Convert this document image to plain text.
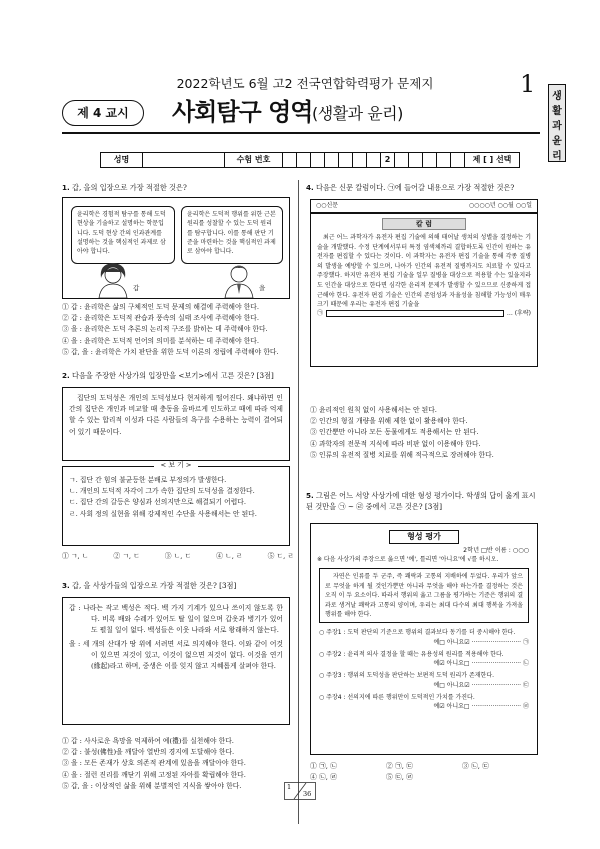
2022학년도 6월 고2 전국연합학력평가 문제지	1
제 4 교시	사회탐구 영역 (생활과 윤리)
생
활
과
윤
리
성명	수험 번호	2	제 [ ] 선택
1. 갑, 을의 입장으로 가장 적절한 것은?
윤리학은 경험적 탐구를 통해 도덕 현상을 기술하고 설명하는 학문입니다. 도덕 현상 간의 인과관계를 설명하는 것을 핵심적인 과제로 삼아야 합니다.
윤리학은 도덕적 행위를 위한 근본 원리를 성찰할 수 있는 도덕 원리를 탐구합니다. 이를 통해 판단 기준을 마련하는 것을 핵심적인 과제로 삼아야 합니다.
갑	을
① 갑 : 윤리학은 삶의 구체적인 도덕 문제의 해결에 주력해야 한다.
② 갑 : 윤리학은 도덕적 관습과 풍속의 실태 조사에 주력해야 한다.
③ 을 : 윤리학은 도덕 추론의 논리적 구조를 밝히는 데 주력해야 한다.
④ 을 : 윤리학은 도덕적 언어의 의미를 분석하는 데 주력해야 한다.
⑤ 갑, 을 : 윤리학은 가치 판단을 위한 도덕 이론의 정립에 주력해야 한다.
2. 다음을 주장한 사상가의 입장만을 <보기>에서 고른 것은? [3점]
집단의 도덕성은 개인의 도덕성보다 현저하게 떨어진다. 왜냐하면 인간의 집단은 개인과 비교할 때 충동을 올바르게 인도하고 때에 따라 억제할 수 있는 합리적 이성과 다른 사람들의 욕구를 수용하는 능력이 결여되어 있기 때문이다.
< 보 기 >
ㄱ. 집단 간 힘의 불균등한 분배로 부정의가 발생한다.
ㄴ. 개인의 도덕적 자각이 그가 속한 집단의 도덕성을 결정한다.
ㄷ. 집단 간의 갈등은 양심과 선의지만으로 해결되기 어렵다.
ㄹ. 사회 정의 실현을 위해 강제적인 수단을 사용해서는 안 된다.
① ㄱ, ㄴ	② ㄱ, ㄷ	③ ㄴ, ㄷ	④ ㄴ, ㄹ	⑤ ㄷ, ㄹ
3. 갑, 을 사상가들의 입장으로 가장 적절한 것은? [3점]
갑 : 나라는 작고 백성은 적다. 백 가지 기계가 있으나 쓰이지 않도록 한다. 비록 배와 수레가 있어도 탈 일이 없으며 갑옷과 병기가 있어도 펼칠 일이 없다. 백성들은 이웃 나라와 서로 왕래하지 않는다.
을 : 세 개의 산대가 땅 위에 서려면 서로 의지해야 한다. 이와 같이 어것이 있으면 저것이 있고, 이것이 없으면 저것이 없다. 이것을 연기(緣起)라고 하며, 중생은 이를 잊지 않고 지혜롭게 살펴야 한다.
① 갑 : 사사로운 욕망을 억제하여 예(禮)를 실천해야 한다.
② 갑 : 불성(佛性)을 깨달아 열반의 경지에 도달해야 한다.
③ 을 : 모든 존재가 상호 의존적 관계에 있음을 깨달아야 한다.
④ 을 : 절런 진리를 깨닫기 위해 고정된 자아를 확립해야 한다.
⑤ 갑, 을 : 이상적인 삶을 위해 분별적인 지식을 쌓아야 한다.
4. 다음은 신문 칼럼이다. ㉠에 들어갈 내용으로 가장 적절한 것은?
○○신문	○○○○년 ○○월 ○○일
칼 럼
최근 어느 과학자가 유전자 편집 기술에 의해 태어날 생쳐의 성별을 결정하는 기술을 개발했다. 수정 단계에서부터 특정 염색체까리 결합하도록 인간이 원하는 유전자를 편집할 수 있다는 것이다. 이 과학자는 유전자 편집 기술을 통해 각종 질병의 발생을 예방할 수 있으며, 나아가 인간의 유전적 질병까지도 치료할 수 있다고 주장했다. 하지만 유전자 편집 기술을 일부 질병을 대상으로 적용할 수는 있을지라도 인간을 대상으로 한다면 심각한 윤리적 문제가 발생할 수 있으므로 신중하게 접근해야 한다. 유전자 편집 기술은 인간의 존엄성과 자율성을 침해할 가능성이 매우 크기 때문에 우리는 유전자 편집 기술을
㉠	… (후략)
① 윤리적인 원칙 없이 사용해서는 안 된다.
② 인간의 형질 개량을 위해 제한 없이 활용해야 한다.
③ 인간뿐만 아니라 모든 동물에게도 적용해서는 안 된다.
④ 과학자의 전문적 지식에 따라 비판 없이 이용해야 한다.
⑤ 인류의 유전적 질병 치료를 위해 적극적으로 장려해야 한다.
5. 그림은 어느 서양 사상가에 대한 형성 평가이다. 학생의 답이 옳게 표시된 것만을 ㉠ ~ ㉣ 중에서 고른 것은? [3점]
형성 평가
2학년 □반 이름 : ○○○
※ 다음 사상가의 주장으로 옳으면 '예', 틀리면 '아니요'에 √를 하시오.
자연은 인류를 두 군주, 즉 쾌락과 고통의 지배하에 두었다. 우리가 앞으로 무엇을 하게 될 것인가뿐만 아니라 무엇을 해야 하는가를 결정하는 것은 오직 이 두 요소이다. 따라서 행위의 옳고 그름을 평가하는 기준은 행위의 결과로 생겨날 쾌락과 고통의 양이며, 우리는 최대 다수의 최대 행복을 가져올 행위를 해야 한다.
○ 주장1 : 도덕 판단의 기준으로 행위의 결과보다 동기를 더 중시해야 한다.
예□ 아니요☑ ·························· ㉠
○ 주장2 : 윤리적 의사 결정을 할 때는 유용성의 원리를 적용해야 한다.
예☑ 아니요□ ·························· ㉡
○ 주장3 : 행위의 도덕성을 판단하는 보편적 도덕 원리가 존재한다.
예□ 아니요☑ ·························· ㉢
○ 주장4 : 선의지에 따른 행위만이 도덕적인 가치를 가진다.
예☑ 아니요□ ·························· ㉣
① ㉠, ㉡	② ㉠, ㉢	③ ㉡, ㉢
④ ㉡, ㉣	⑤ ㉢, ㉣
1
36
